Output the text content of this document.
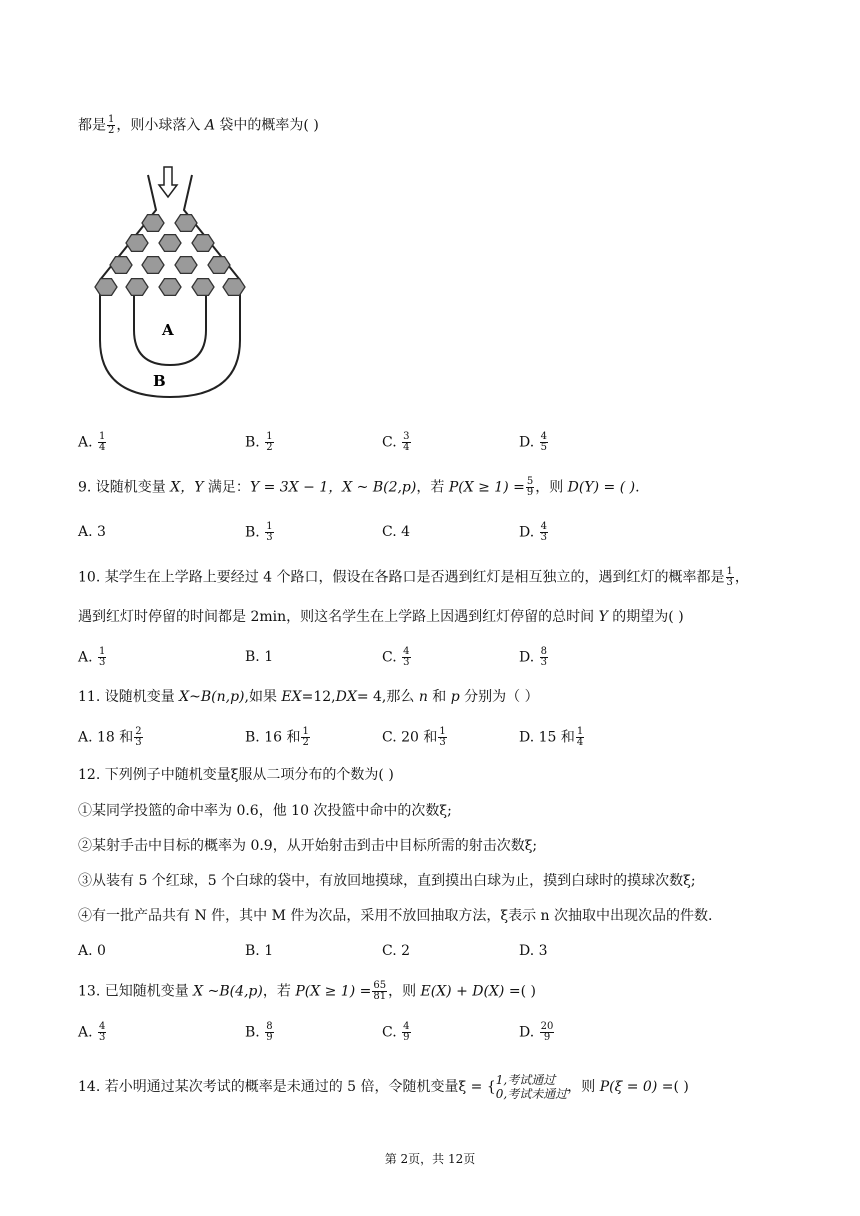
都是 $\frac{1}{2}$ ，则小球落入 A 袋中的概率为( )
A
B
A. $\frac{1}{4}$	B. $\frac{1}{2}$	C. $\frac{3}{4}$	D. $\frac{4}{5}$
9. 设随机变量 X，Y 满足：Y = 3X − 1，X ~ B(2,p)，若 $P(X \ge 1) = \frac{5}{9}$ ，则 D(Y) = ( ).
A. 3	B. $\frac{1}{3}$	C. 4	D. $\frac{4}{3}$
10. 某学生在上学路上要经过 4 个路口，假设在各路口是否遇到红灯是相互独立的，遇到红灯的概率都是 $\frac{1}{3}$ ，
遇到红灯时停留的时间都是 2min，则这名学生在上学路上因遇到红灯停留的总时间 Y 的期望为( )
A. $\frac{1}{3}$	B. 1	C. $\frac{4}{3}$	D. $\frac{8}{3}$
11. 设随机变量 X~B(n,p),如果 EX=12,DX= 4,那么 n 和 p 分别为（ ）
A. 18 和 $\frac{2}{3}$	B. 16 和 $\frac{1}{2}$	C. 20 和 $\frac{1}{3}$	D. 15 和 $\frac{1}{4}$
12. 下列例子中随机变量ξ服从二项分布的个数为( )
①某同学投篮的命中率为 0.6，他 10 次投篮中命中的次数ξ;
②某射手击中目标的概率为 0.9，从开始射击到击中目标所需的射击次数ξ;
③从装有 5 个红球，5 个白球的袋中，有放回地摸球，直到摸出白球为止，摸到白球时的摸球次数ξ;
④有一批产品共有 N 件，其中 M 件为次品，采用不放回抽取方法，ξ表示 n 次抽取中出现次品的件数.
A. 0	B. 1	C. 2	D. 3
13. 已知随机变量 X ~B(4,p)，若 $P(X \ge 1) = \frac{65}{81}$ ，则 E(X) + D(X) =( )
A. $\frac{4}{3}$	B. $\frac{8}{9}$	C. $\frac{4}{9}$	D. $\frac{20}{9}$
14. 若小明通过某次考试的概率是未通过的 5 倍，令随机变量ξ = { 1,考试通过
0,考试未通过 ，则 P(ξ = 0) =( )
第 2页，共 12页
